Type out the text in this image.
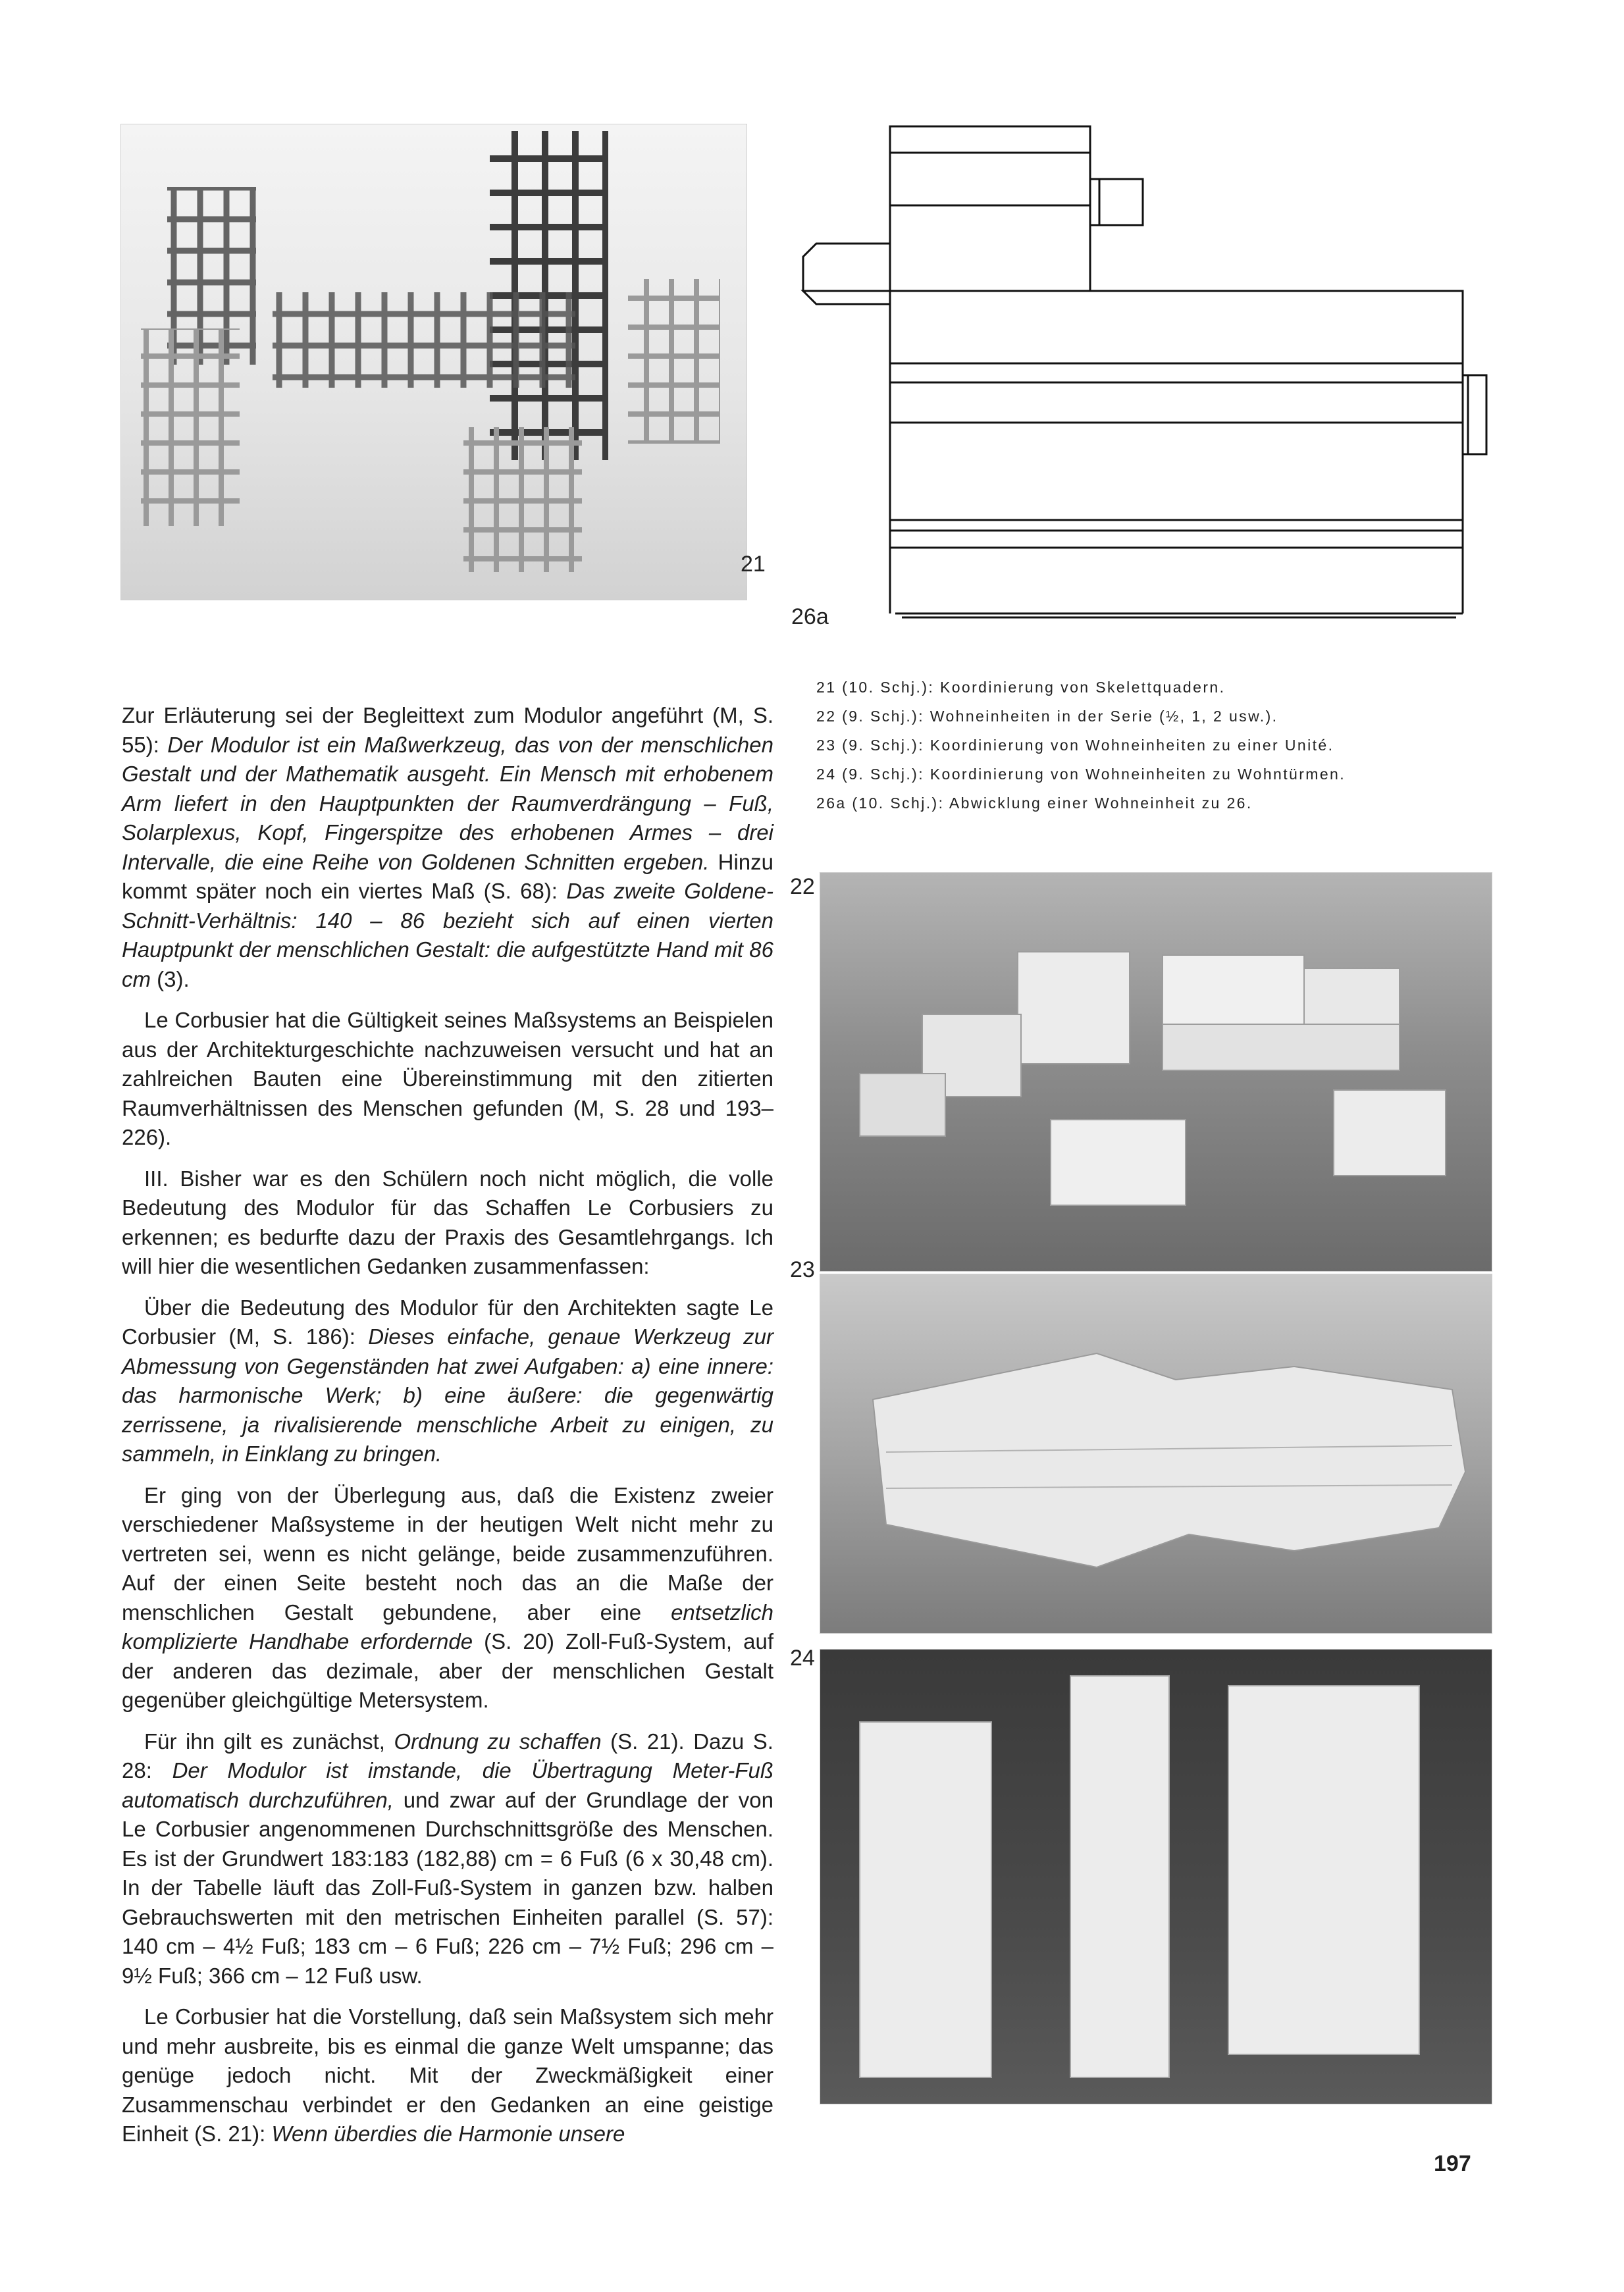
21
26a

21 (10. Schj.): Koordinierung von Skelettquadern.

22 (9. Schj.): Wohneinheiten in der Serie (½, 1, 2 usw.).

23 (9. Schj.): Koordinierung von Wohneinheiten zu einer Unité.

24 (9. Schj.): Koordinierung von Wohneinheiten zu Wohntürmen.

26a (10. Schj.): Abwicklung einer Wohneinheit zu 26.

22
23
24

Zur Erläuterung sei der Begleittext zum Modulor angeführt (M, S. 55): Der Modulor ist ein Maßwerkzeug, das von der menschlichen Gestalt und der Mathematik ausgeht. Ein Mensch mit erhobenem Arm liefert in den Hauptpunkten der Raumverdrängung – Fuß, Solarplexus, Kopf, Fingerspitze des erhobenen Armes – drei Intervalle, die eine Reihe von Goldenen Schnitten ergeben. Hinzu kommt später noch ein viertes Maß (S. 68): Das zweite Goldene-Schnitt-Verhältnis: 140 – 86 bezieht sich auf einen vierten Hauptpunkt der menschlichen Gestalt: die aufgestützte Hand mit 86 cm (3).

Le Corbusier hat die Gültigkeit seines Maßsystems an Beispielen aus der Architekturgeschichte nachzuweisen versucht und hat an zahlreichen Bauten eine Übereinstimmung mit den zitierten Raumverhältnissen des Menschen gefunden (M, S. 28 und 193–226).

III. Bisher war es den Schülern noch nicht möglich, die volle Bedeutung des Modulor für das Schaffen Le Corbusiers zu erkennen; es bedurfte dazu der Praxis des Gesamtlehrgangs. Ich will hier die wesentlichen Gedanken zusammenfassen:

Über die Bedeutung des Modulor für den Architekten sagte Le Corbusier (M, S. 186): Dieses einfache, genaue Werkzeug zur Abmessung von Gegenständen hat zwei Aufgaben: a) eine innere: das harmonische Werk; b) eine äußere: die gegenwärtig zerrissene, ja rivalisierende menschliche Arbeit zu einigen, zu sammeln, in Einklang zu bringen.

Er ging von der Überlegung aus, daß die Existenz zweier verschiedener Maßsysteme in der heutigen Welt nicht mehr zu vertreten sei, wenn es nicht gelänge, beide zusammenzuführen. Auf der einen Seite besteht noch das an die Maße der menschlichen Gestalt gebundene, aber eine entsetzlich komplizierte Handhabe erfordernde (S. 20) Zoll-Fuß-System, auf der anderen das dezimale, aber der menschlichen Gestalt gegenüber gleichgültige Metersystem.

Für ihn gilt es zunächst, Ordnung zu schaffen (S. 21). Dazu S. 28: Der Modulor ist imstande, die Übertragung Meter-Fuß automatisch durchzuführen, und zwar auf der Grundlage der von Le Corbusier angenommenen Durchschnittsgröße des Menschen. Es ist der Grundwert 183:183 (182,88) cm = 6 Fuß (6 x 30,48 cm). In der Tabelle läuft das Zoll-Fuß-System in ganzen bzw. halben Gebrauchswerten mit den metrischen Einheiten parallel (S. 57): 140 cm – 4½ Fuß; 183 cm – 6 Fuß; 226 cm – 7½ Fuß; 296 cm – 9½ Fuß; 366 cm – 12 Fuß usw.

Le Corbusier hat die Vorstellung, daß sein Maßsystem sich mehr und mehr ausbreite, bis es einmal die ganze Welt umspanne; das genüge jedoch nicht. Mit der Zweckmäßigkeit einer Zusammenschau verbindet er den Gedanken an eine geistige Einheit (S. 21): Wenn überdies die Harmonie unsere

197
